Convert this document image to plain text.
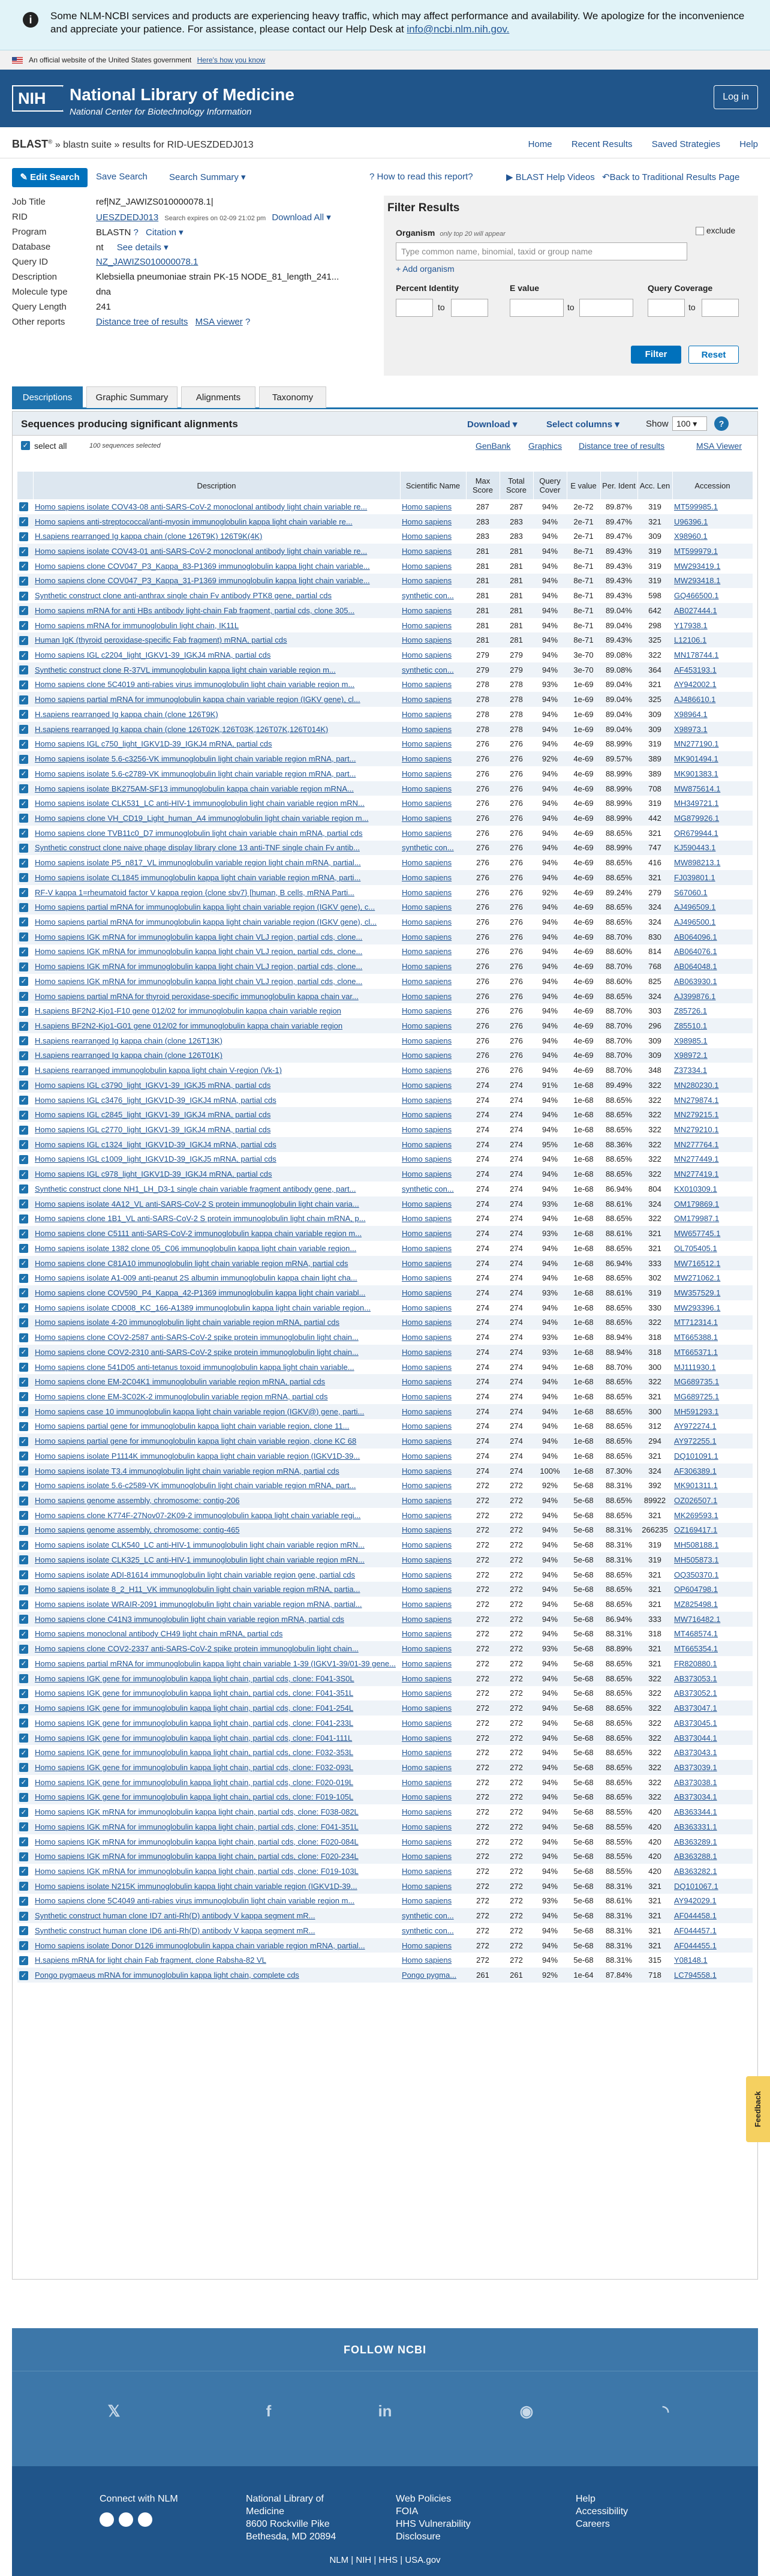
i	Some NLM-NCBI services and products are experiencing heavy traffic, which may affect performance and availability. We apologize for the inconvenience and appreciate your patience. For assistance, please contact our Help Desk at info@ncbi.nlm.nih.gov.
An official website of the United States government Here's how you know
NIH	National Library of Medicine
National Center for Biotechnology Information
Log in
BLAST® » blastn suite » results for RID-UESZDEDJ013	Home Recent Results Saved Strategies Help
✎ Edit Search	Save Search Search Summary ▾	? How to read this report?	▶ BLAST Help Videos ↶Back to Traditional Results Page
Job Title	ref|NZ_JAWIZS010000078.1|
RID	UESZDEDJ013 Search expires on 02-09 21:02 pm Download All ▾
Program	BLASTN ? Citation ▾
Database	nt See details ▾
Query ID	NZ_JAWIZS010000078.1
Description	Klebsiella pneumoniae strain PK-15 NODE_81_length_241...
Molecule type	dna
Query Length	241
Other reports	Distance tree of results MSA viewer ?
Filter Results
Organism only top 20 will appear
Type common name, binomial, taxid or group name
exclude
+ Add organism
Percent Identity
to
E value
to
Query Coverage
to
Filter	Reset
Descriptions	Graphic Summary	Alignments	Taxonomy
Sequences producing significant alignments	Download ▾	Select columns ▾	Show 100 ▾	?
✓ select all	100 sequences selected	GenBank Graphics Distance tree of results	MSA Viewer
	Description	Scientific Name	Max Score	Total Score	Query Cover	E value	Per. Ident	Acc. Len	Accession
✓	Homo sapiens isolate COV43-08 anti-SARS-CoV-2 monoclonal antibody light chain variable re...	Homo sapiens	287	287	94%	2e-72	89.87%	319	MT599985.1
✓	Homo sapiens anti-streptococcal/anti-myosin immunoglobulin kappa light chain variable re...	Homo sapiens	283	283	94%	2e-71	89.47%	321	U96396.1
✓	H.sapiens rearranged Ig kappa chain (clone 126T9K) 126T9K(4K)	Homo sapiens	283	283	94%	2e-71	89.47%	309	X98960.1
✓	Homo sapiens isolate COV43-01 anti-SARS-CoV-2 monoclonal antibody light chain variable re...	Homo sapiens	281	281	94%	8e-71	89.43%	319	MT599979.1
✓	Homo sapiens clone COV047_P3_Kappa_83-P1369 immunoglobulin kappa light chain variable...	Homo sapiens	281	281	94%	8e-71	89.43%	319	MW293419.1
✓	Homo sapiens clone COV047_P3_Kappa_31-P1369 immunoglobulin kappa light chain variable...	Homo sapiens	281	281	94%	8e-71	89.43%	319	MW293418.1
✓	Synthetic construct clone anti-anthrax single chain Fv antibody PTK8 gene, partial cds	synthetic con...	281	281	94%	8e-71	89.43%	598	GQ466500.1
✓	Homo sapiens mRNA for anti HBs antibody light-chain Fab fragment, partial cds, clone 305...	Homo sapiens	281	281	94%	8e-71	89.04%	642	AB027444.1
✓	Homo sapiens mRNA for immunoglobulin light chain, IK11L	Homo sapiens	281	281	94%	8e-71	89.04%	298	Y17938.1
✓	Human IgK (thyroid peroxidase-specific Fab fragment) mRNA, partial cds	Homo sapiens	281	281	94%	8e-71	89.43%	325	L12106.1
✓	Homo sapiens IGL c2204_light_IGKV1-39_IGKJ4 mRNA, partial cds	Homo sapiens	279	279	94%	3e-70	89.08%	322	MN178744.1
✓	Synthetic construct clone R-37VL immunoglobulin kappa light chain variable region m...	synthetic con...	279	279	94%	3e-70	89.08%	364	AF453193.1
✓	Homo sapiens clone 5C4019 anti-rabies virus immunoglobulin light chain variable region m...	Homo sapiens	278	278	93%	1e-69	89.04%	321	AY942002.1
✓	Homo sapiens partial mRNA for immunoglobulin kappa chain variable region (IGKV gene), cl...	Homo sapiens	278	278	94%	1e-69	89.04%	325	AJ486610.1
✓	H.sapiens rearranged Ig kappa chain (clone 126T9K)	Homo sapiens	278	278	94%	1e-69	89.04%	309	X98964.1
✓	H.sapiens rearranged Ig kappa chain (clone 126T02K,126T03K,126T07K,126T014K)	Homo sapiens	278	278	94%	1e-69	89.04%	309	X98973.1
✓	Homo sapiens IGL c750_light_IGKV1D-39_IGKJ4 mRNA, partial cds	Homo sapiens	276	276	94%	4e-69	88.99%	319	MN277190.1
✓	Homo sapiens isolate 5.6-c3256-VK immunoglobulin light chain variable region mRNA, part...	Homo sapiens	276	276	92%	4e-69	89.57%	389	MK901494.1
✓	Homo sapiens isolate 5.6-c2789-VK immunoglobulin light chain variable region mRNA, part...	Homo sapiens	276	276	94%	4e-69	88.99%	389	MK901383.1
✓	Homo sapiens isolate BK275AM-SF13 immunoglobulin kappa chain variable region mRNA...	Homo sapiens	276	276	94%	4e-69	88.99%	708	MW875614.1
✓	Homo sapiens isolate CLK531_LC anti-HIV-1 immunoglobulin light chain variable region mRN...	Homo sapiens	276	276	94%	4e-69	88.99%	319	MH349721.1
✓	Homo sapiens clone VH_CD19_Light_human_A4 immunoglobulin light chain variable region m...	Homo sapiens	276	276	94%	4e-69	88.99%	442	MG879926.1
✓	Homo sapiens clone TVB11c0_D7 immunoglobulin light chain variable chain mRNA, partial cds	Homo sapiens	276	276	94%	4e-69	88.65%	321	OR679944.1
✓	Synthetic construct clone naive phage display library clone 13 anti-TNF single chain Fv antib...	synthetic con...	276	276	94%	4e-69	88.99%	747	KJ590443.1
✓	Homo sapiens isolate P5_n817_VL immunoglobulin variable region light chain mRNA, partial...	Homo sapiens	276	276	94%	4e-69	88.65%	416	MW898213.1
✓	Homo sapiens isolate CL1845 immunoglobulin kappa light chain variable region mRNA, parti...	Homo sapiens	276	276	94%	4e-69	88.65%	321	FJ039801.1
✓	RF-V kappa 1=rheumatoid factor V kappa region {clone sbv7} [human, B cells, mRNA Parti...	Homo sapiens	276	276	92%	4e-69	89.24%	279	S67060.1
✓	Homo sapiens partial mRNA for immunoglobulin kappa light chain variable region (IGKV gene), c...	Homo sapiens	276	276	94%	4e-69	88.65%	324	AJ496509.1
✓	Homo sapiens partial mRNA for immunoglobulin kappa light chain variable region (IGKV gene), cl...	Homo sapiens	276	276	94%	4e-69	88.65%	324	AJ496500.1
✓	Homo sapiens IGK mRNA for immunoglobulin kappa light chain VLJ region, partial cds, clone...	Homo sapiens	276	276	94%	4e-69	88.70%	830	AB064096.1
✓	Homo sapiens IGK mRNA for immunoglobulin kappa light chain VLJ region, partial cds, clone...	Homo sapiens	276	276	94%	4e-69	88.60%	814	AB064076.1
✓	Homo sapiens IGK mRNA for immunoglobulin kappa light chain VLJ region, partial cds, clone...	Homo sapiens	276	276	94%	4e-69	88.70%	768	AB064048.1
✓	Homo sapiens IGK mRNA for immunoglobulin kappa light chain VLJ region, partial cds, clone...	Homo sapiens	276	276	94%	4e-69	88.60%	825	AB063930.1
✓	Homo sapiens partial mRNA for thyroid peroxidase-specific immunoglobulin kappa chain var...	Homo sapiens	276	276	94%	4e-69	88.65%	324	AJ399876.1
✓	H.sapiens BF2N2-Kjo1-F10 gene 012/02 for immunoglobulin kappa chain variable region	Homo sapiens	276	276	94%	4e-69	88.70%	303	Z85726.1
✓	H.sapiens BF2N2-Kjo1-G01 gene 012/02 for immunoglobulin kappa chain variable region	Homo sapiens	276	276	94%	4e-69	88.70%	296	Z85510.1
✓	H.sapiens rearranged Ig kappa chain (clone 126T13K)	Homo sapiens	276	276	94%	4e-69	88.70%	309	X98985.1
✓	H.sapiens rearranged Ig kappa chain (clone 126T01K)	Homo sapiens	276	276	94%	4e-69	88.70%	309	X98972.1
✓	H.sapiens rearranged immunoglobulin kappa light chain V-region (Vk-1)	Homo sapiens	276	276	94%	4e-69	88.70%	348	Z37334.1
✓	Homo sapiens IGL c3790_light_IGKV1-39_IGKJ5 mRNA, partial cds	Homo sapiens	274	274	91%	1e-68	89.49%	322	MN280230.1
✓	Homo sapiens IGL c3476_light_IGKV1D-39_IGKJ4 mRNA, partial cds	Homo sapiens	274	274	94%	1e-68	88.65%	322	MN279874.1
✓	Homo sapiens IGL c2845_light_IGKV1-39_IGKJ4 mRNA, partial cds	Homo sapiens	274	274	94%	1e-68	88.65%	322	MN279215.1
✓	Homo sapiens IGL c2770_light_IGKV1-39_IGKJ4 mRNA, partial cds	Homo sapiens	274	274	94%	1e-68	88.65%	322	MN279210.1
✓	Homo sapiens IGL c1324_light_IGKV1D-39_IGKJ4 mRNA, partial cds	Homo sapiens	274	274	95%	1e-68	88.36%	322	MN277764.1
✓	Homo sapiens IGL c1009_light_IGKV1D-39_IGKJ5 mRNA, partial cds	Homo sapiens	274	274	94%	1e-68	88.65%	322	MN277449.1
✓	Homo sapiens IGL c978_light_IGKV1D-39_IGKJ4 mRNA, partial cds	Homo sapiens	274	274	94%	1e-68	88.65%	322	MN277419.1
✓	Synthetic construct clone NH1_LH_D3-1 single chain variable fragment antibody gene, part...	synthetic con...	274	274	94%	1e-68	86.94%	804	KX010309.1
✓	Homo sapiens isolate 4A12_VL anti-SARS-CoV-2 S protein immunoglobulin light chain varia...	Homo sapiens	274	274	93%	1e-68	88.61%	324	OM179869.1
✓	Homo sapiens clone 1B1_VL anti-SARS-CoV-2 S protein immunoglobulin light chain mRNA, p...	Homo sapiens	274	274	94%	1e-68	88.65%	322	OM179987.1
✓	Homo sapiens clone C5111 anti-SARS-CoV-2 immunoglobulin kappa chain variable region m...	Homo sapiens	274	274	93%	1e-68	88.61%	321	MW657745.1
✓	Homo sapiens isolate 1382 clone 05_C06 immunoglobulin kappa light chain variable region...	Homo sapiens	274	274	94%	1e-68	88.65%	321	OL705405.1
✓	Homo sapiens clone C81A10 immunoglobulin light chain variable region mRNA, partial cds	Homo sapiens	274	274	94%	1e-68	86.94%	333	MW716512.1
✓	Homo sapiens isolate A1-009 anti-peanut 2S albumin immunoglobulin kappa chain light cha...	Homo sapiens	274	274	94%	1e-68	88.65%	302	MW271062.1
✓	Homo sapiens clone COV590_P4_Kappa_42-P1369 immunoglobulin kappa light chain variabl...	Homo sapiens	274	274	93%	1e-68	88.61%	319	MW357529.1
✓	Homo sapiens isolate CD008_KC_166-A1389 immunoglobulin kappa light chain variable region...	Homo sapiens	274	274	94%	1e-68	88.65%	330	MW293396.1
✓	Homo sapiens isolate 4-20 immunoglobulin light chain variable region mRNA, partial cds	Homo sapiens	274	274	94%	1e-68	88.65%	322	MT712314.1
✓	Homo sapiens clone COV2-2587 anti-SARS-CoV-2 spike protein immunoglobulin light chain...	Homo sapiens	274	274	93%	1e-68	88.94%	318	MT665388.1
✓	Homo sapiens clone COV2-2310 anti-SARS-CoV-2 spike protein immunoglobulin light chain...	Homo sapiens	274	274	93%	1e-68	88.94%	318	MT665371.1
✓	Homo sapiens clone 541D05 anti-tetanus toxoid immunoglobulin kappa light chain variable...	Homo sapiens	274	274	94%	1e-68	88.70%	300	MJ111930.1
✓	Homo sapiens clone EM-2C04K1 immunoglobulin variable region mRNA, partial cds	Homo sapiens	274	274	94%	1e-68	88.65%	322	MG689735.1
✓	Homo sapiens clone EM-3C02K-2 immunoglobulin variable region mRNA, partial cds	Homo sapiens	274	274	94%	1e-68	88.65%	321	MG689725.1
✓	Homo sapiens case 10 immunoglobulin kappa light chain variable region (IGKV@) gene, parti...	Homo sapiens	274	274	94%	1e-68	88.65%	300	MH591293.1
✓	Homo sapiens partial gene for immunoglobulin kappa light chain variable region, clone 11...	Homo sapiens	274	274	94%	1e-68	88.65%	312	AY972274.1
✓	Homo sapiens partial gene for immunoglobulin kappa light chain variable region, clone KC 68	Homo sapiens	274	274	94%	1e-68	88.65%	294	AY972255.1
✓	Homo sapiens isolate P1114K immunoglobulin kappa light chain variable region (IGKV1D-39...	Homo sapiens	274	274	94%	1e-68	88.65%	321	DQ101091.1
✓	Homo sapiens isolate T3.4 immunoglobulin light chain variable region mRNA, partial cds	Homo sapiens	274	274	100%	1e-68	87.30%	324	AF306389.1
✓	Homo sapiens isolate 5.6-c2589-VK immunoglobulin light chain variable region mRNA, part...	Homo sapiens	272	272	92%	5e-68	88.31%	392	MK901311.1
✓	Homo sapiens genome assembly, chromosome: contig-206	Homo sapiens	272	272	94%	5e-68	88.65%	89922	OZ026507.1
✓	Homo sapiens clone K774F-27Nov07-2K09-2 immunoglobulin kappa light chain variable regi...	Homo sapiens	272	272	94%	5e-68	88.65%	321	MK269593.1
✓	Homo sapiens genome assembly, chromosome: contig-465	Homo sapiens	272	272	94%	5e-68	88.31%	266235	OZ169417.1
✓	Homo sapiens isolate CLK540_LC anti-HIV-1 immunoglobulin light chain variable region mRN...	Homo sapiens	272	272	94%	5e-68	88.31%	319	MH508188.1
✓	Homo sapiens isolate CLK325_LC anti-HIV-1 immunoglobulin light chain variable region mRN...	Homo sapiens	272	272	94%	5e-68	88.31%	319	MH505873.1
✓	Homo sapiens isolate ADI-81614 immunoglobulin light chain variable region gene, partial cds	Homo sapiens	272	272	94%	5e-68	88.65%	321	OQ350370.1
✓	Homo sapiens isolate 8_2_H11_VK immunoglobulin light chain variable region mRNA, partia...	Homo sapiens	272	272	94%	5e-68	88.65%	321	OP604798.1
✓	Homo sapiens isolate WRAIR-2091 immunoglobulin light chain variable region mRNA, partial...	Homo sapiens	272	272	94%	5e-68	88.65%	321	MZ825498.1
✓	Homo sapiens clone C41N3 immunoglobulin light chain variable region mRNA, partial cds	Homo sapiens	272	272	94%	5e-68	86.94%	333	MW716482.1
✓	Homo sapiens monoclonal antibody CH49 light chain mRNA, partial cds	Homo sapiens	272	272	94%	5e-68	88.31%	318	MT468574.1
✓	Homo sapiens clone COV2-2337 anti-SARS-CoV-2 spike protein immunoglobulin light chain...	Homo sapiens	272	272	93%	5e-68	88.89%	321	MT665354.1
✓	Homo sapiens partial mRNA for immunoglobulin kappa light chain variable 1-39 (IGKV1-39/01-39 gene...	Homo sapiens	272	272	94%	5e-68	88.65%	321	FR820880.1
✓	Homo sapiens IGK gene for immunoglobulin kappa light chain, partial cds, clone: F041-3S0L	Homo sapiens	272	272	94%	5e-68	88.65%	322	AB373053.1
✓	Homo sapiens IGK gene for immunoglobulin kappa light chain, partial cds, clone: F041-351L	Homo sapiens	272	272	94%	5e-68	88.65%	322	AB373052.1
✓	Homo sapiens IGK gene for immunoglobulin kappa light chain, partial cds, clone: F041-254L	Homo sapiens	272	272	94%	5e-68	88.65%	322	AB373047.1
✓	Homo sapiens IGK gene for immunoglobulin kappa light chain, partial cds, clone: F041-233L	Homo sapiens	272	272	94%	5e-68	88.65%	322	AB373045.1
✓	Homo sapiens IGK gene for immunoglobulin kappa light chain, partial cds, clone: F041-111L	Homo sapiens	272	272	94%	5e-68	88.65%	322	AB373044.1
✓	Homo sapiens IGK gene for immunoglobulin kappa light chain, partial cds, clone: F032-353L	Homo sapiens	272	272	94%	5e-68	88.65%	322	AB373043.1
✓	Homo sapiens IGK gene for immunoglobulin kappa light chain, partial cds, clone: F032-093L	Homo sapiens	272	272	94%	5e-68	88.65%	322	AB373039.1
✓	Homo sapiens IGK gene for immunoglobulin kappa light chain, partial cds, clone: F020-019L	Homo sapiens	272	272	94%	5e-68	88.65%	322	AB373038.1
✓	Homo sapiens IGK gene for immunoglobulin kappa light chain, partial cds, clone: F019-105L	Homo sapiens	272	272	94%	5e-68	88.65%	322	AB373034.1
✓	Homo sapiens IGK mRNA for immunoglobulin kappa light chain, partial cds, clone: F038-082L	Homo sapiens	272	272	94%	5e-68	88.55%	420	AB363344.1
✓	Homo sapiens IGK mRNA for immunoglobulin kappa light chain, partial cds, clone: F041-351L	Homo sapiens	272	272	94%	5e-68	88.55%	420	AB363331.1
✓	Homo sapiens IGK mRNA for immunoglobulin kappa light chain, partial cds, clone: F020-084L	Homo sapiens	272	272	94%	5e-68	88.55%	420	AB363289.1
✓	Homo sapiens IGK mRNA for immunoglobulin kappa light chain, partial cds, clone: F020-234L	Homo sapiens	272	272	94%	5e-68	88.55%	420	AB363288.1
✓	Homo sapiens IGK mRNA for immunoglobulin kappa light chain, partial cds, clone: F019-103L	Homo sapiens	272	272	94%	5e-68	88.55%	420	AB363282.1
✓	Homo sapiens isolate N215K immunoglobulin kappa light chain variable region (IGKV1D-39...	Homo sapiens	272	272	94%	5e-68	88.31%	321	DQ101067.1
✓	Homo sapiens clone 5C4049 anti-rabies virus immunoglobulin light chain variable region m...	Homo sapiens	272	272	93%	5e-68	88.61%	321	AY942029.1
✓	Synthetic construct human clone ID7 anti-Rh(D) antibody V kappa segment mR...	synthetic con...	272	272	94%	5e-68	88.31%	321	AF044458.1
✓	Synthetic construct human clone ID6 anti-Rh(D) antibody V kappa segment mR...	synthetic con...	272	272	94%	5e-68	88.31%	321	AF044457.1
✓	Homo sapiens isolate Donor D126 immunoglobulin kappa chain variable region mRNA, partial...	Homo sapiens	272	272	94%	5e-68	88.31%	321	AF044455.1
✓	H.sapiens mRNA for light chain Fab fragment, clone Rabsha-82 VL	Homo sapiens	272	272	94%	5e-68	88.31%	315	Y08148.1
✓	Pongo pygmaeus mRNA for immunoglobulin kappa light chain, complete cds	Pongo pygma...	261	261	92%	1e-64	87.84%	718	LC794558.1
Feedback
FOLLOW NCBI
𝕏	f	in	◉	◝
Connect with NLM
𝕏 f ▶
National Library of
Medicine
8600 Rockville Pike
Bethesda, MD 20894
Web Policies
FOIA
HHS Vulnerability
Disclosure
Help
Accessibility
Careers
NLM | NIH | HHS | USA.gov
